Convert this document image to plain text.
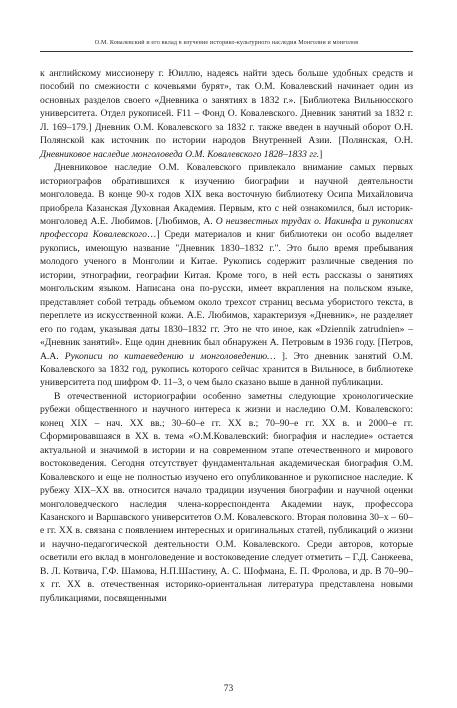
О.М. Ковалевский и его вклад в изучение историко-культурного наследия Монголии и монголов

к английскому миссионеру г. Юиллю, надеясь найти здесь больше удобных средств и пособий по смежности с кочевьями бурят», так О.М. Ковалевский начинает один из основных разделов своего «Дневника о занятиях в 1832 г.». [Библиотека Вильнюсского университета. Отдел рукописей. F11 – Фонд О. Ковалевского. Дневник занятий за 1832 г. Л. 169–179.] Дневник О.М. Ковалевского за 1832 г. также введен в научный оборот О.Н. Полянской как источник по истории народов Внутренней Азии. [Полянская, О.Н. Дневниковое наследие монголоведа О.М. Ковалевского 1828–1833 гг.]

Дневниковое наследие О.М. Ковалевского привлекало внимание самых первых историографов обратившихся к изучению биографии и научной деятельности монголоведа. В конце 90-х годов XIX века восточную библиотеку Осипа Михайловича приобрела Казанская Духовная Академия. Первым, кто с ней ознакомился, был историк-монголовед А.Е. Любимов. [Любимов, А. О неизвестных трудах о. Иакинфа и рукописях профессора Ковалевского…] Среди материалов и книг библиотеки он особо выделяет рукопись, имеющую название "Дневник 1830–1832 г.". Это было время пребывания молодого ученого в Монголии и Китае. Рукопись содержит различные сведения по истории, этнографии, географии Китая. Кроме того, в ней есть рассказы о занятиях монгольским языком. Написана она по-русски, имеет вкрапления на польском языке, представляет собой тетрадь объемом около трехсот страниц весьма убористого текста, в переплете из искусственной кожи. А.Е. Любимов, характеризуя «Дневник», не разделяет его по годам, указывая даты 1830–1832 гг. Это не что иное, как «Dziennik zatrudnien» – «Дневник занятий». Еще один дневник был обнаружен А. Петровым в 1936 году. [Петров, А.А. Рукописи по китаеведению и монголоведению… ]. Это дневник занятий О.М. Ковалевского за 1832 год, рукопись которого сейчас хранится в Вильнюсе, в библиотеке университета под шифром Ф. 11–3, о чем было сказано выше в данной публикации.

В отечественной историографии особенно заметны следующие хронологические рубежи общественного и научного интереса к жизни и наследию О.М. Ковалевского: конец XIX – нач. XX вв.; 30–60–е гг. XX в.; 70–90–е гг. XX в. и 2000–е гг. Сформировавшаяся в XX в. тема «О.М.Ковалевский: биография и наследие» остается актуальной и значимой в истории и на современном этапе отечественного и мирового востоковедения. Сегодня отсутствует фундаментальная академическая биография О.М. Ковалевского и еще не полностью изучено его опубликованное и рукописное наследие. К рубежу XIX–XX вв. относится начало традиции изучения биографии и научной оценки монголоведческого наследия члена-корреспондента Академии наук, профессора Казанского и Варшавского университетов О.М. Ковалевского. Вторая половина 30–х – 60–е гг. XX в. связана с появлением интересных и оригинальных статей, публикаций о жизни и научно-педагогической деятельности О.М. Ковалевского. Среди авторов, которые осветили его вклад в монголоведение и востоковедение следует отметить – Г.Д. Санжеева, В. Л. Котвича, Г.Ф. Шамова, Н.П.Шастину, А. С. Шофмана, Е. П. Фролова, и др. В 70–90–х гг. XX в. отечественная историко-ориентальная литература представлена новыми публикациями, посвященными

73
